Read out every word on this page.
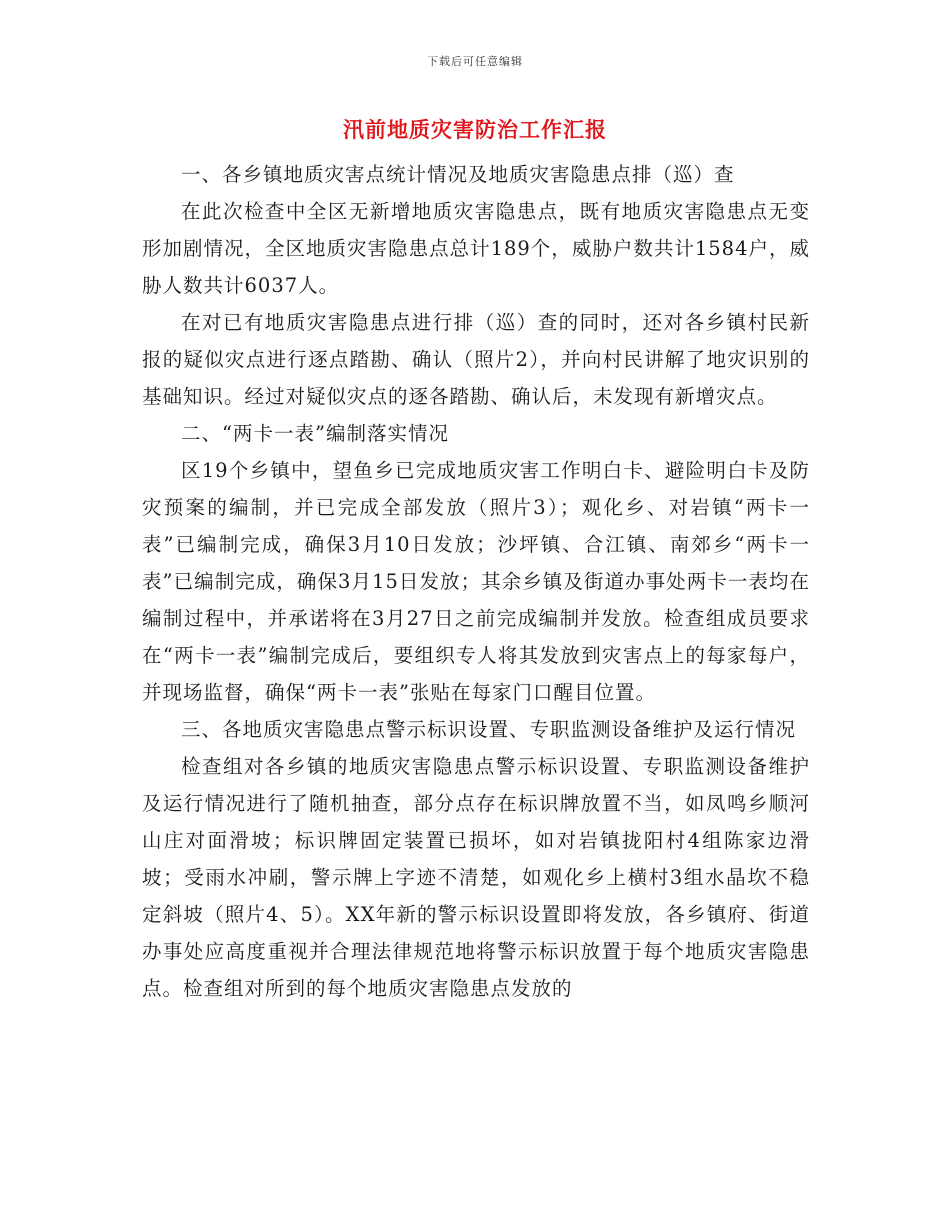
下载后可任意编辑
汛前地质灾害防治工作汇报

一、各乡镇地质灾害点统计情况及地质灾害隐患点排（巡）查

在此次检查中全区无新增地质灾害隐患点，既有地质灾害隐患点无变形加剧情况，全区地质灾害隐患点总计189个，威胁户数共计1584户，威胁人数共计6037人。

在对已有地质灾害隐患点进行排（巡）查的同时，还对各乡镇村民新报的疑似灾点进行逐点踏勘、确认（照片2），并向村民讲解了地灾识别的基础知识。经过对疑似灾点的逐各踏勘、确认后，未发现有新增灾点。

二、“两卡一表”编制落实情况

区19个乡镇中，望鱼乡已完成地质灾害工作明白卡、避险明白卡及防灾预案的编制，并已完成全部发放（照片3）；观化乡、对岩镇“两卡一表”已编制完成，确保3月10日发放；沙坪镇、合江镇、南郊乡“两卡一表”已编制完成，确保3月15日发放；其余乡镇及街道办事处两卡一表均在编制过程中，并承诺将在3月27日之前完成编制并发放。检查组成员要求在“两卡一表”编制完成后，要组织专人将其发放到灾害点上的每家每户，并现场监督，确保“两卡一表”张贴在每家门口醒目位置。

三、各地质灾害隐患点警示标识设置、专职监测设备维护及运行情况

检查组对各乡镇的地质灾害隐患点警示标识设置、专职监测设备维护及运行情况进行了随机抽查，部分点存在标识牌放置不当，如凤鸣乡顺河山庄对面滑坡；标识牌固定装置已损坏，如对岩镇拢阳村4组陈家边滑坡；受雨水冲刷，警示牌上字迹不清楚，如观化乡上横村3组水晶坎不稳定斜坡（照片4、5）。XX年新的警示标识设置即将发放，各乡镇府、街道办事处应高度重视并合理法律规范地将警示标识放置于每个地质灾害隐患点。检查组对所到的每个地质灾害隐患点发放的
